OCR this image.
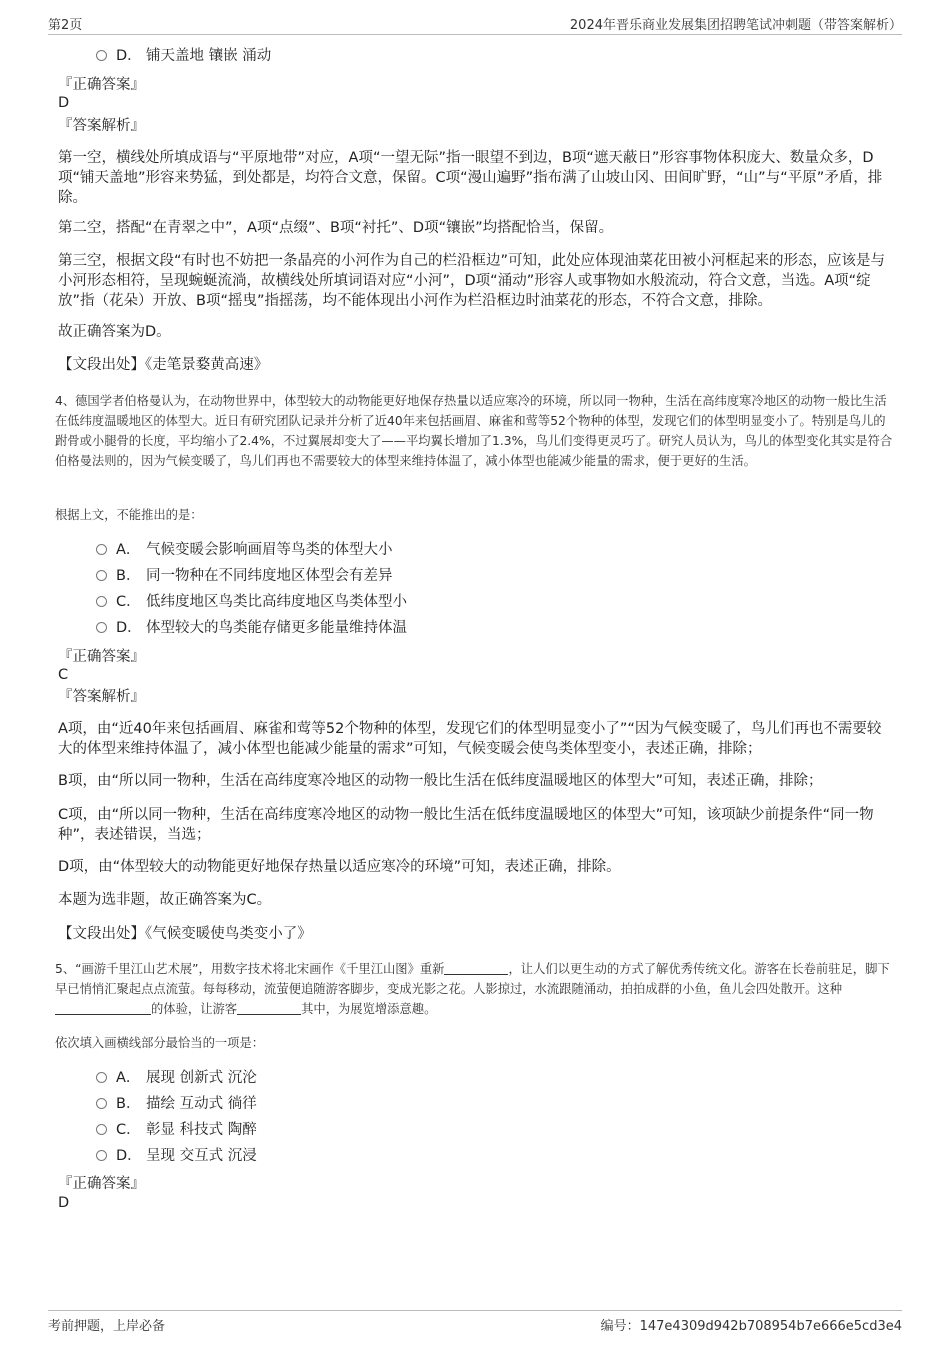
第2页	2024年晋乐商业发展集团招聘笔试冲刺题（带答案解析）
D． 铺天盖地 镶嵌 涌动
『正确答案』
D
『答案解析』
第一空，横线处所填成语与“平原地带”对应，A项“一望无际”指一眼望不到边，B项“遮天蔽日”形容事物体积庞大、数量众多，D项“铺天盖地”形容来势猛，到处都是，均符合文意，保留。C项“漫山遍野”指布满了山坡山冈、田间旷野，“山”与“平原”矛盾，排除。
第二空，搭配“在青翠之中”，A项“点缀”、B项“衬托”、D项“镶嵌”均搭配恰当，保留。
第三空，根据文段“有时也不妨把一条晶亮的小河作为自己的栏沿框边”可知，此处应体现油菜花田被小河框起来的形态，应该是与小河形态相符，呈现蜿蜒流淌，故横线处所填词语对应“小河”，D项“涌动”形容人或事物如水般流动，符合文意，当选。A项“绽放”指（花朵）开放、B项“摇曳”指摇荡，均不能体现出小河作为栏沿框边时油菜花的形态，不符合文意，排除。
故正确答案为D。
【文段出处】《走笔景婺黄高速》
4、德国学者伯格曼认为，在动物世界中，体型较大的动物能更好地保存热量以适应寒冷的环境，所以同一物种，生活在高纬度寒冷地区的动物一般比生活在低纬度温暖地区的体型大。近日有研究团队记录并分析了近40年来包括画眉、麻雀和莺等52个物种的体型，发现它们的体型明显变小了。特别是鸟儿的跗骨或小腿骨的长度，平均缩小了2.4%，不过翼展却变大了——平均翼长增加了1.3%，鸟儿们变得更灵巧了。研究人员认为，鸟儿的体型变化其实是符合伯格曼法则的，因为气候变暖了，鸟儿们再也不需要较大的体型来维持体温了，减小体型也能减少能量的需求，便于更好的生活。
根据上文，不能推出的是：
A． 气候变暖会影响画眉等鸟类的体型大小
B． 同一物种在不同纬度地区体型会有差异
C． 低纬度地区鸟类比高纬度地区鸟类体型小
D． 体型较大的鸟类能存储更多能量维持体温
『正确答案』
C
『答案解析』
A项，由“近40年来包括画眉、麻雀和莺等52个物种的体型，发现它们的体型明显变小了”“因为气候变暖了，鸟儿们再也不需要较大的体型来维持体温了，减小体型也能减少能量的需求”可知，气候变暖会使鸟类体型变小，表述正确，排除；
B项，由“所以同一物种，生活在高纬度寒冷地区的动物一般比生活在低纬度温暖地区的体型大”可知，表述正确，排除；
C项，由“所以同一物种，生活在高纬度寒冷地区的动物一般比生活在低纬度温暖地区的体型大”可知，该项缺少前提条件“同一物种”，表述错误，当选；
D项，由“体型较大的动物能更好地保存热量以适应寒冷的环境”可知，表述正确，排除。
本题为选非题，故正确答案为C。
【文段出处】《气候变暖使鸟类变小了》
5、“画游千里江山艺术展”，用数字技术将北宋画作《千里江山图》重新	，让人们以更生动的方式了解优秀传统文化。游客在长卷前驻足，脚下早已悄悄汇聚起点点流萤。每每移动，流萤便追随游客脚步，变成光影之花。人影掠过，水流跟随涌动，拍拍成群的小鱼，鱼儿会四处散开。这种的体验，让游客	其中，为展览增添意趣。
依次填入画横线部分最恰当的一项是：
A． 展现 创新式 沉沦
B． 描绘 互动式 徜徉
C． 彰显 科技式 陶醉
D． 呈现 交互式 沉浸
『正确答案』
D
考前押题，上岸必备	编号：147e4309d942b708954b7e666e5cd3e4
